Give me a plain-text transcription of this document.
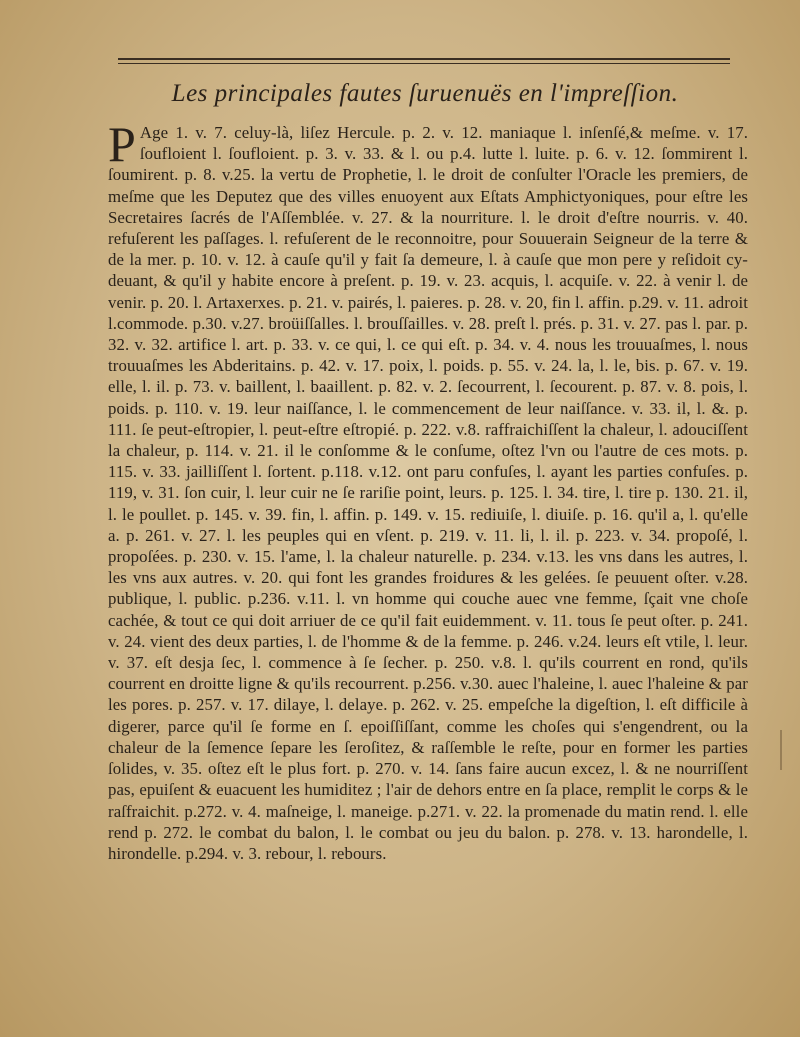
Les principales fautes ſuruenuës en l'impreſſion.
P Age 1. v. 7. celuy-là, liſez Hercule. p. 2. v. 12. maniaque l. inſenſé,& meſme. v. 17. ſoufloient l. ſoufloient. p. 3. v. 33. & l. ou p.4. lutte l. luite. p. 6. v. 12. ſommirent l. ſoumirent. p. 8. v.25. la vertu de Prophetie, l. le droit de conſulter l'Oracle les premiers, de meſme que les Deputez que des villes enuoyent aux Eſtats Amphictyoniques, pour eſtre les Secretaires ſacrés de l'Aſſemblée. v. 27. & la nourriture. l. le droit d'eſtre nourris. v. 40. refuſerent les paſſages. l. refuſerent de le reconnoitre, pour Souuerain Seigneur de la terre & de la mer. p. 10. v. 12. à cauſe qu'il y fait ſa demeure, l. à cauſe que mon pere y reſidoit cy-deuant, & qu'il y habite encore à preſent. p. 19. v. 23. acquis, l. acquiſe. v. 22. à venir l. de venir. p. 20. l. Artaxerxes. p. 21. v. pairés, l. paieres. p. 28. v. 20, fin l. affin. p.29. v. 11. adroit l.commode. p.30. v.27. broüiſſalles. l. brouſſailles. v. 28. preſt l. prés. p. 31. v. 27. pas l. par. p. 32. v. 32. artifice l. art. p. 33. v. ce qui, l. ce qui eſt. p. 34. v. 4. nous les trouuaſmes, l. nous trouuaſmes les Abderitains. p. 42. v. 17. poix, l. poids. p. 55. v. 24. la, l. le, bis. p. 67. v. 19. elle, l. il. p. 73. v. baillent, l. baaillent. p. 82. v. 2. ſecourrent, l. ſecourent. p. 87. v. 8. pois, l. poids. p. 110. v. 19. leur naiſſance, l. le commencement de leur naiſſance. v. 33. il, l. &. p. 111. ſe peut-eſtropier, l. peut-eſtre eſtropié. p. 222. v.8. raffraichiſſent la chaleur, l. adouciſſent la chaleur, p. 114. v. 21. il le conſomme & le conſume, oſtez l'vn ou l'autre de ces mots. p. 115. v. 33. jailliſſent l. ſortent. p.118. v.12. ont paru confuſes, l. ayant les parties confuſes. p. 119, v. 31. ſon cuir, l. leur cuir ne ſe rariſie point, leurs. p. 125. l. 34. tire, l. tire p. 130. 21. il, l. le poullet. p. 145. v. 39. fin, l. affin. p. 149. v. 15. rediuiſe, l. diuiſe. p. 16. qu'il a, l. qu'elle a. p. 261. v. 27. l. les peuples qui en vſent. p. 219. v. 11. li, l. il. p. 223. v. 34. propoſé, l. propoſées. p. 230. v. 15. l'ame, l. la chaleur naturelle. p. 234. v.13. les vns dans les autres, l. les vns aux autres. v. 20. qui font les grandes froidures & les gelées. ſe peuuent oſter. v.28. publique, l. public. p.236. v.11. l. vn homme qui couche auec vne femme, ſçait vne choſe cachée, & tout ce qui doit arriuer de ce qu'il fait euidemment. v. 11. tous ſe peut oſter. p. 241. v. 24. vient des deux parties, l. de l'homme & de la femme. p. 246. v.24. leurs eſt vtile, l. leur. v. 37. eſt desja ſec, l. commence à ſe ſecher. p. 250. v.8. l. qu'ils courrent en rond, qu'ils courrent en droitte ligne & qu'ils recourrent. p.256. v.30. auec l'haleine, l. auec l'haleine & par les pores. p. 257. v. 17. dilaye, l. delaye. p. 262. v. 25. empeſche la digeſtion, l. eſt difficile à digerer, parce qu'il ſe forme en ſ. epoiſſiſſant, comme les choſes qui s'engendrent, ou la chaleur de la ſemence ſepare les ſeroſitez, & raſſemble le reſte, pour en former les parties ſolides, v. 35. oſtez eſt le plus fort. p. 270. v. 14. ſans faire aucun excez, l. & ne nourriſſent pas, epuiſent & euacuent les humiditez ; l'air de dehors entre en ſa place, remplit le corps & le raſfraichit. p.272. v. 4. maſneige, l. maneige. p.271. v. 22. la promenade du matin rend. l. elle rend p. 272. le combat du balon, l. le combat ou jeu du balon. p. 278. v. 13. harondelle, l. hirondelle. p.294. v. 3. rebour, l. rebours.
